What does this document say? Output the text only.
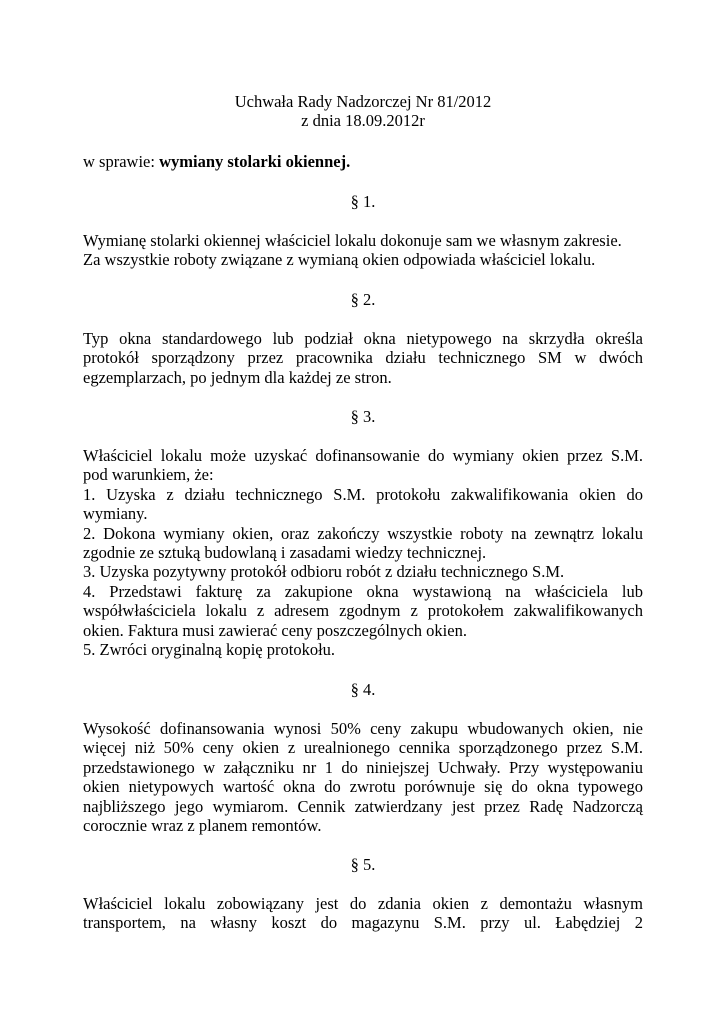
Uchwała Rady Nadzorczej Nr 81/2012
z dnia 18.09.2012r
w sprawie: wymiany stolarki okiennej.
§ 1.
Wymianę stolarki okiennej właściciel lokalu dokonuje sam we własnym zakresie.
Za wszystkie roboty związane z wymianą okien odpowiada właściciel lokalu.
§ 2.
Typ okna standardowego lub podział okna nietypowego na skrzydła określa
protokół sporządzony przez pracownika działu technicznego SM w dwóch
egzemplarzach, po jednym dla każdej ze stron.
§ 3.
Właściciel lokalu może uzyskać dofinansowanie do wymiany okien przez S.M.
pod warunkiem, że:
1. Uzyska z działu technicznego S.M. protokołu zakwalifikowania okien do
wymiany.
2. Dokona wymiany okien, oraz zakończy wszystkie roboty na zewnątrz lokalu
zgodnie ze sztuką budowlaną i zasadami wiedzy technicznej.
3. Uzyska pozytywny protokół odbioru robót z działu technicznego S.M.
4. Przedstawi fakturę za zakupione okna wystawioną na właściciela lub
współwłaściciela lokalu z adresem zgodnym z protokołem zakwalifikowanych
okien. Faktura musi zawierać ceny poszczególnych okien.
5. Zwróci oryginalną kopię protokołu.
§ 4.
Wysokość dofinansowania wynosi 50% ceny zakupu wbudowanych okien, nie
więcej niż 50% ceny okien z urealnionego cennika sporządzonego przez S.M.
przedstawionego w załączniku nr 1 do niniejszej Uchwały. Przy występowaniu
okien nietypowych wartość okna do zwrotu porównuje się do okna typowego
najbliższego jego wymiarom. Cennik zatwierdzany jest przez Radę Nadzorczą
corocznie wraz z planem remontów.
§ 5.
Właściciel lokalu zobowiązany jest do zdania okien z demontażu własnym
transportem, na własny koszt do magazynu S.M. przy ul. Łabędziej 2
